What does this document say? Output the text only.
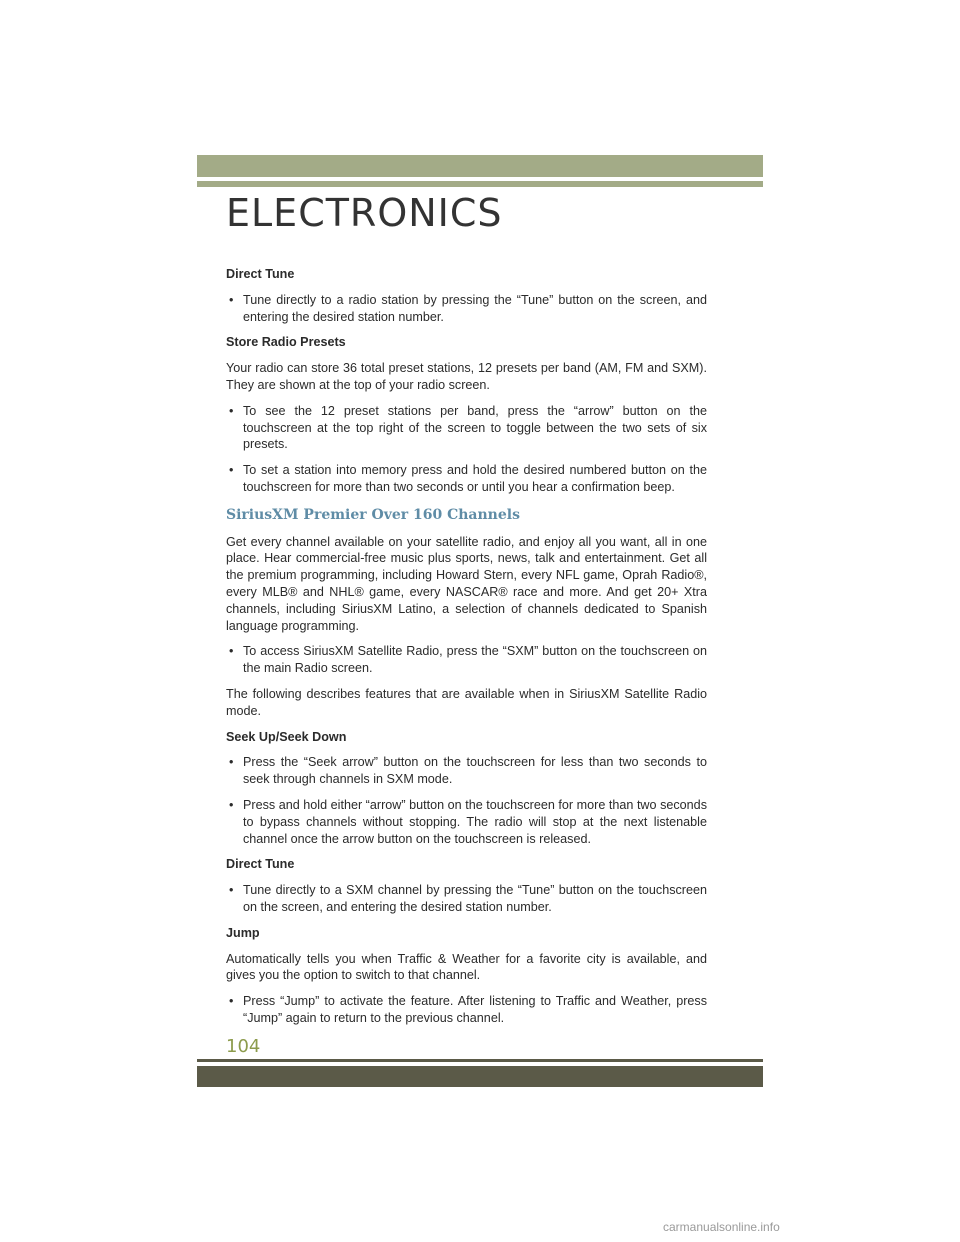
ELECTRONICS
Direct Tune
• Tune directly to a radio station by pressing the “Tune” button on the screen, and entering the desired station number.
Store Radio Presets

Your radio can store 36 total preset stations, 12 presets per band (AM, FM and SXM). They are shown at the top of your radio screen.

• To see the 12 preset stations per band, press the “arrow” button on the touchscreen at the top right of the screen to toggle between the two sets of six presets.
• To set a station into memory press and hold the desired numbered button on the touchscreen for more than two seconds or until you hear a confirmation beep.
SiriusXM Premier Over 160 Channels

Get every channel available on your satellite radio, and enjoy all you want, all in one place. Hear commercial-free music plus sports, news, talk and entertainment. Get all the premium programming, including Howard Stern, every NFL game, Oprah Radio®, every MLB® and NHL® game, every NASCAR® race and more. And get 20+ Xtra channels, including SiriusXM Latino, a selection of channels dedicated to Spanish language programming.

• To access SiriusXM Satellite Radio, press the “SXM” button on the touchscreen on the main Radio screen.

The following describes features that are available when in SiriusXM Satellite Radio mode.

Seek Up/Seek Down
• Press the “Seek arrow” button on the touchscreen for less than two seconds to seek through channels in SXM mode.
• Press and hold either “arrow” button on the touchscreen for more than two seconds to bypass channels without stopping. The radio will stop at the next listenable channel once the arrow button on the touchscreen is released.
Direct Tune
• Tune directly to a SXM channel by pressing the “Tune” button on the touchscreen on the screen, and entering the desired station number.
Jump

Automatically tells you when Traffic & Weather for a favorite city is available, and gives you the option to switch to that channel.

• Press “Jump” to activate the feature. After listening to Traffic and Weather, press “Jump” again to return to the previous channel.
104
carmanualsonline.info
